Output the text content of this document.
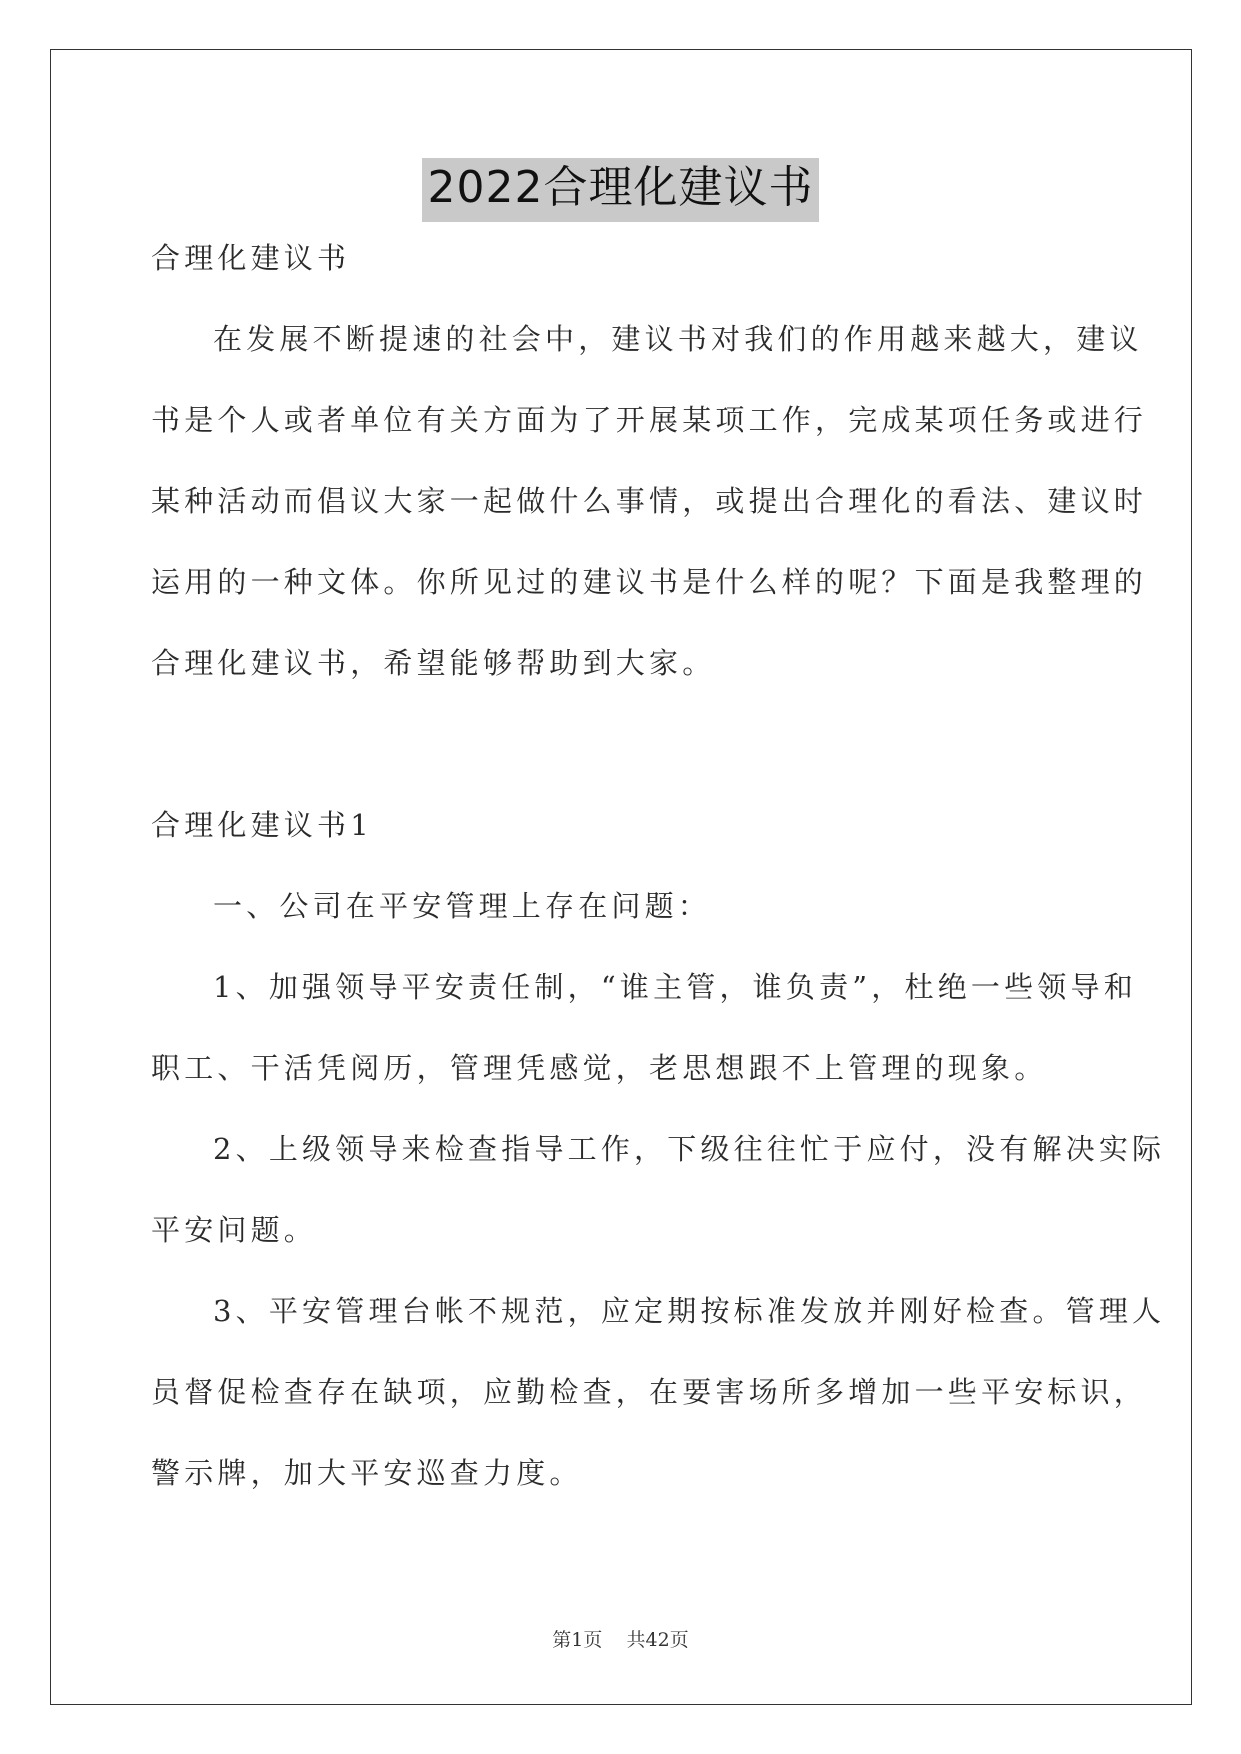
2022合理化建议书
合理化建议书
在发展不断提速的社会中，建议书对我们的作用越来越大，建议
书是个人或者单位有关方面为了开展某项工作，完成某项任务或进行
某种活动而倡议大家一起做什么事情，或提出合理化的看法、建议时
运用的一种文体。你所见过的建议书是什么样的呢？下面是我整理的
合理化建议书，希望能够帮助到大家。
合理化建议书1
一、公司在平安管理上存在问题：
1、加强领导平安责任制，“谁主管，谁负责”，杜绝一些领导和
职工、干活凭阅历，管理凭感觉，老思想跟不上管理的现象。
2、上级领导来检查指导工作，下级往往忙于应付，没有解决实际
平安问题。
3、平安管理台帐不规范，应定期按标准发放并刚好检查。管理人
员督促检查存在缺项，应勤检查，在要害场所多增加一些平安标识，
警示牌，加大平安巡查力度。
第1页 共42页
